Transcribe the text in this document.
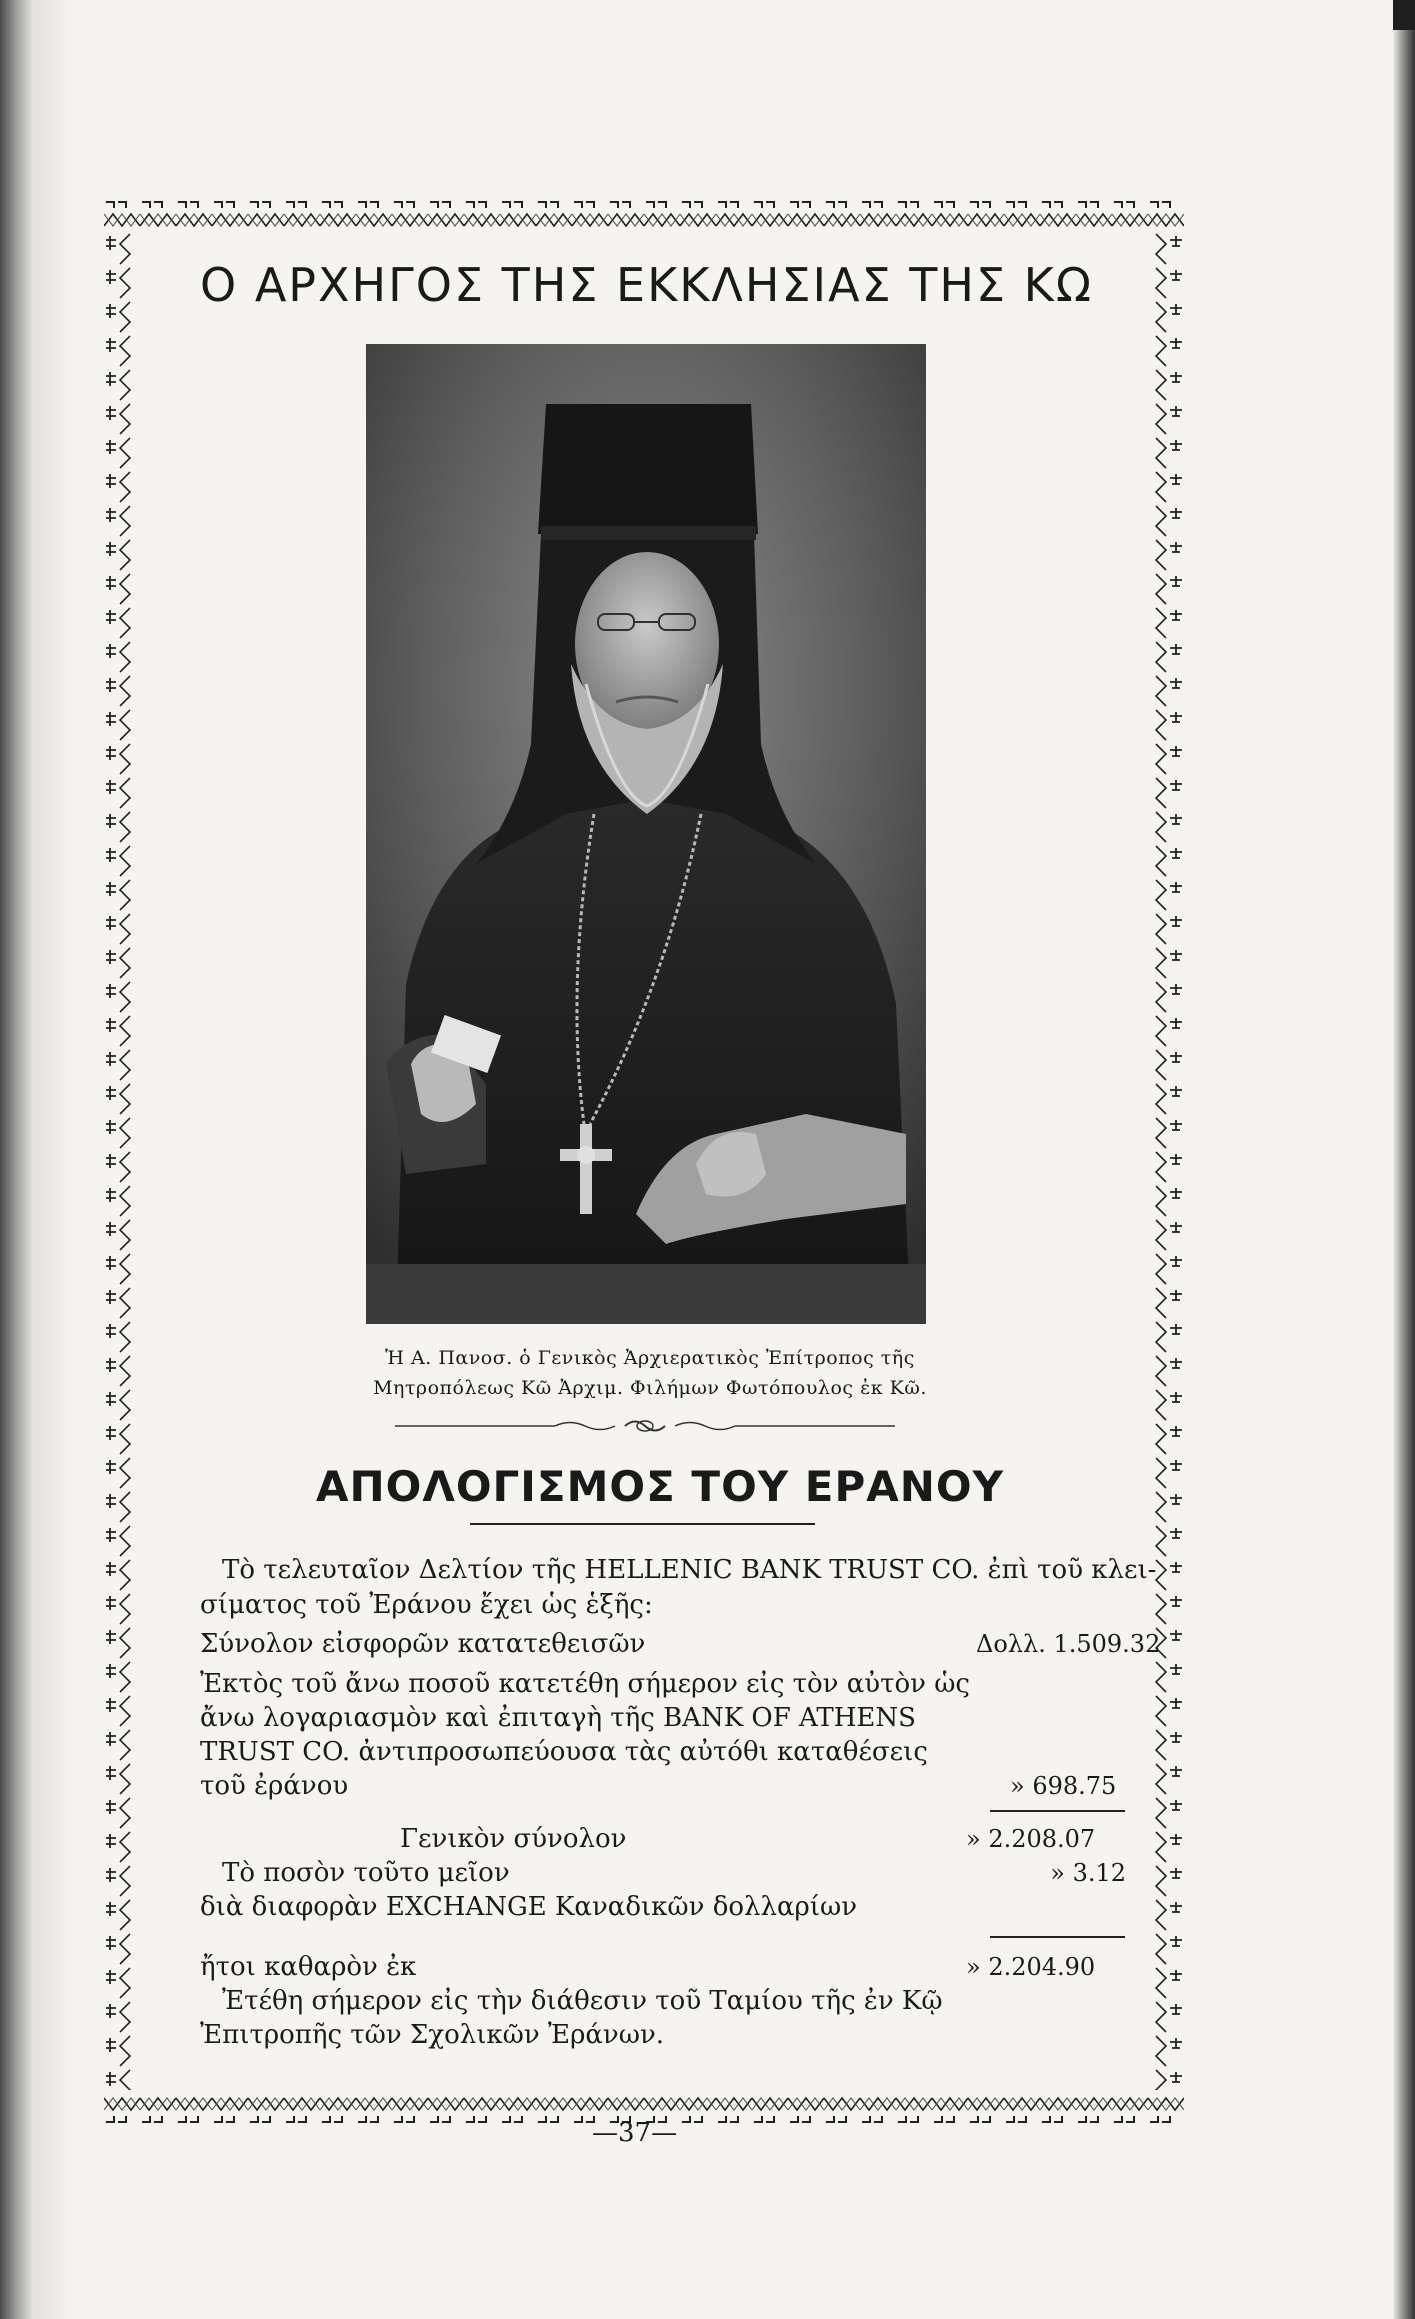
Ο ΑΡΧΗΓΟΣ ΤΗΣ ΕΚΚΛΗΣΙΑΣ ΤΗΣ ΚΩ
Ἡ Α. Πανοσ. ὁ Γενικὸς Ἀρχιερατικὸς Ἐπίτροπος τῆς
Μητροπόλεως Κῶ Ἀρχιμ. Φιλήμων Φωτόπουλος ἐκ Κῶ.
ΑΠΟΛΟΓΙΣΜΟΣ ΤΟΥ ΕΡΑΝΟΥ
Τὸ τελευταῖον Δελτίον τῆς HELLENIC BANK TRUST CO. ἐπὶ τοῦ κλει-
σίματος τοῦ Ἐράνου ἔχει ὡς ἑξῆς:
Σύνολον εἰσφορῶν κατατεθεισῶν	Δολλ. 1.509.32
Ἐκτὸς τοῦ ἄνω ποσοῦ κατετέθη σήμερον εἰς τὸν αὐτὸν ὡς
ἄνω λογαριασμὸν καὶ ἐπιταγὴ τῆς BANK OF ATHENS
TRUST CO. ἀντιπροσωπεύουσα τὰς αὐτόθι καταθέσεις
τοῦ ἐράνου	» 698.75
Γενικὸν σύνολον	» 2.208.07
Τὸ ποσὸν τοῦτο μεῖον	» 3.12
διὰ διαφορὰν EXCHANGE Καναδικῶν δολλαρίων
ἤτοι καθαρὸν ἐκ	» 2.204.90
Ἐτέθη σήμερον εἰς τὴν διάθεσιν τοῦ Ταμίου τῆς ἐν Κῷ
Ἐπιτροπῆς τῶν Σχολικῶν Ἐράνων.
—37—
